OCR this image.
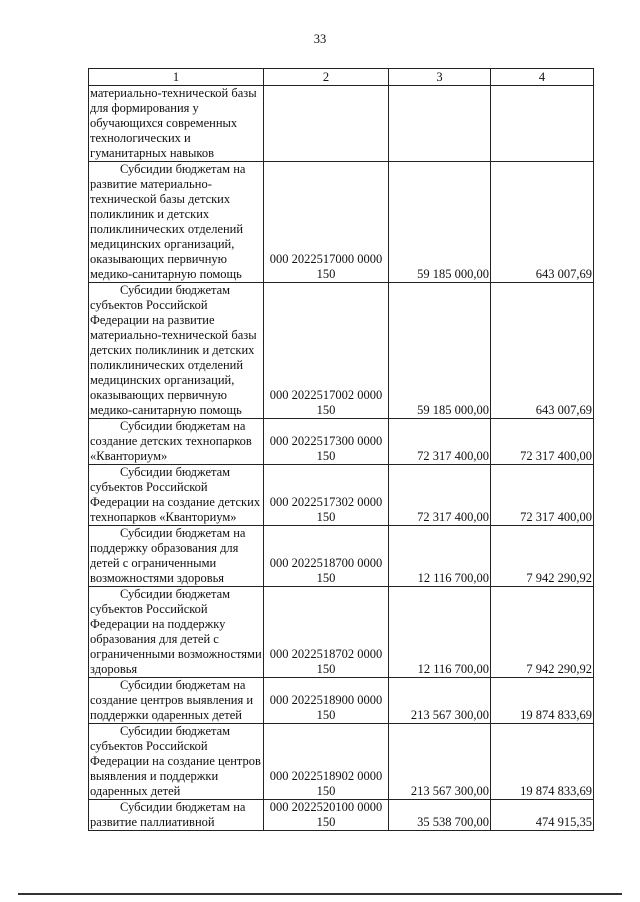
33
1	2	3	4
материально-технической базы для формирования у обучающихся современных технологических и гуманитарных навыков			
Субсидии бюджетам на развитие материально-технической базы детских поликлиник и детских поликлинических отделений медицинских организаций, оказывающих первичную медико-санитарную помощь	000 2022517000 0000 150	59 185 000,00	643 007,69
Субсидии бюджетам субъектов Российской Федерации на развитие материально-технической базы детских поликлиник и детских поликлинических отделений медицинских организаций, оказывающих первичную медико-санитарную помощь	000 2022517002 0000 150	59 185 000,00	643 007,69
Субсидии бюджетам на создание детских технопарков «Кванториум»	000 2022517300 0000 150	72 317 400,00	72 317 400,00
Субсидии бюджетам субъектов Российской Федерации на создание детских технопарков «Кванториум»	000 2022517302 0000 150	72 317 400,00	72 317 400,00
Субсидии бюджетам на поддержку образования для детей с ограниченными возможностями здоровья	000 2022518700 0000 150	12 116 700,00	7 942 290,92
Субсидии бюджетам субъектов Российской Федерации на поддержку образования для детей с ограниченными возможностями здоровья	000 2022518702 0000 150	12 116 700,00	7 942 290,92
Субсидии бюджетам на создание центров выявления и поддержки одаренных детей	000 2022518900 0000 150	213 567 300,00	19 874 833,69
Субсидии бюджетам субъектов Российской Федерации на создание центров выявления и поддержки одаренных детей	000 2022518902 0000 150	213 567 300,00	19 874 833,69
Субсидии бюджетам на развитие паллиативной	000 2022520100 0000 150	35 538 700,00	474 915,35
